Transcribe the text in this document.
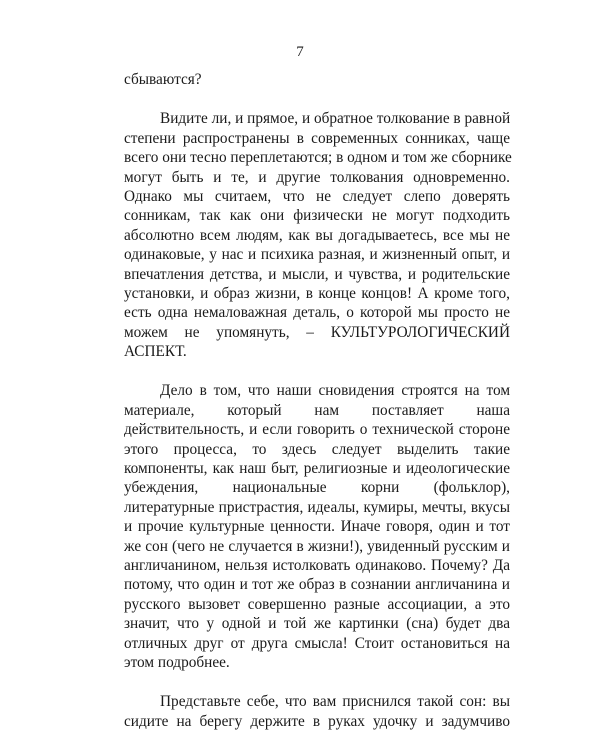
7
сбываются?
Видите ли, и прямое, и обратное толкование в равной
степени распространены в современных сонниках, чаще
всего они тесно переплетаются; в одном и том же сборнике
могут быть и те, и другие толкования одновременно.
Однако мы считаем, что не следует слепо доверять
сонникам, так как они физически не могут подходить
абсолютно всем людям, как вы догадываетесь, все мы не
одинаковые, у нас и психика разная, и жизненный опыт, и
впечатления детства, и мысли, и чувства, и родительские
установки, и образ жизни, в конце концов! А кроме того,
есть одна немаловажная деталь, о которой мы просто не
можем не упомянуть, – КУЛЬТУРОЛОГИЧЕСКИЙ
АСПЕКТ.
Дело в том, что наши сновидения строятся на том
материале, который нам поставляет наша
действительность, и если говорить о технической стороне
этого процесса, то здесь следует выделить такие
компоненты, как наш быт, религиозные и идеологические
убеждения, национальные корни (фольклор),
литературные пристрастия, идеалы, кумиры, мечты, вкусы
и прочие культурные ценности. Иначе говоря, один и тот
же сон (чего не случается в жизни!), увиденный русским и
англичанином, нельзя истолковать одинаково. Почему? Да
потому, что один и тот же образ в сознании англичанина и
русского вызовет совершенно разные ассоциации, а это
значит, что у одной и той же картинки (сна) будет два
отличных друг от друга смысла! Стоит остановиться на
этом подробнее.
Представьте себе, что вам приснился такой сон: вы
сидите на берегу держите в руках удочку и задумчиво
